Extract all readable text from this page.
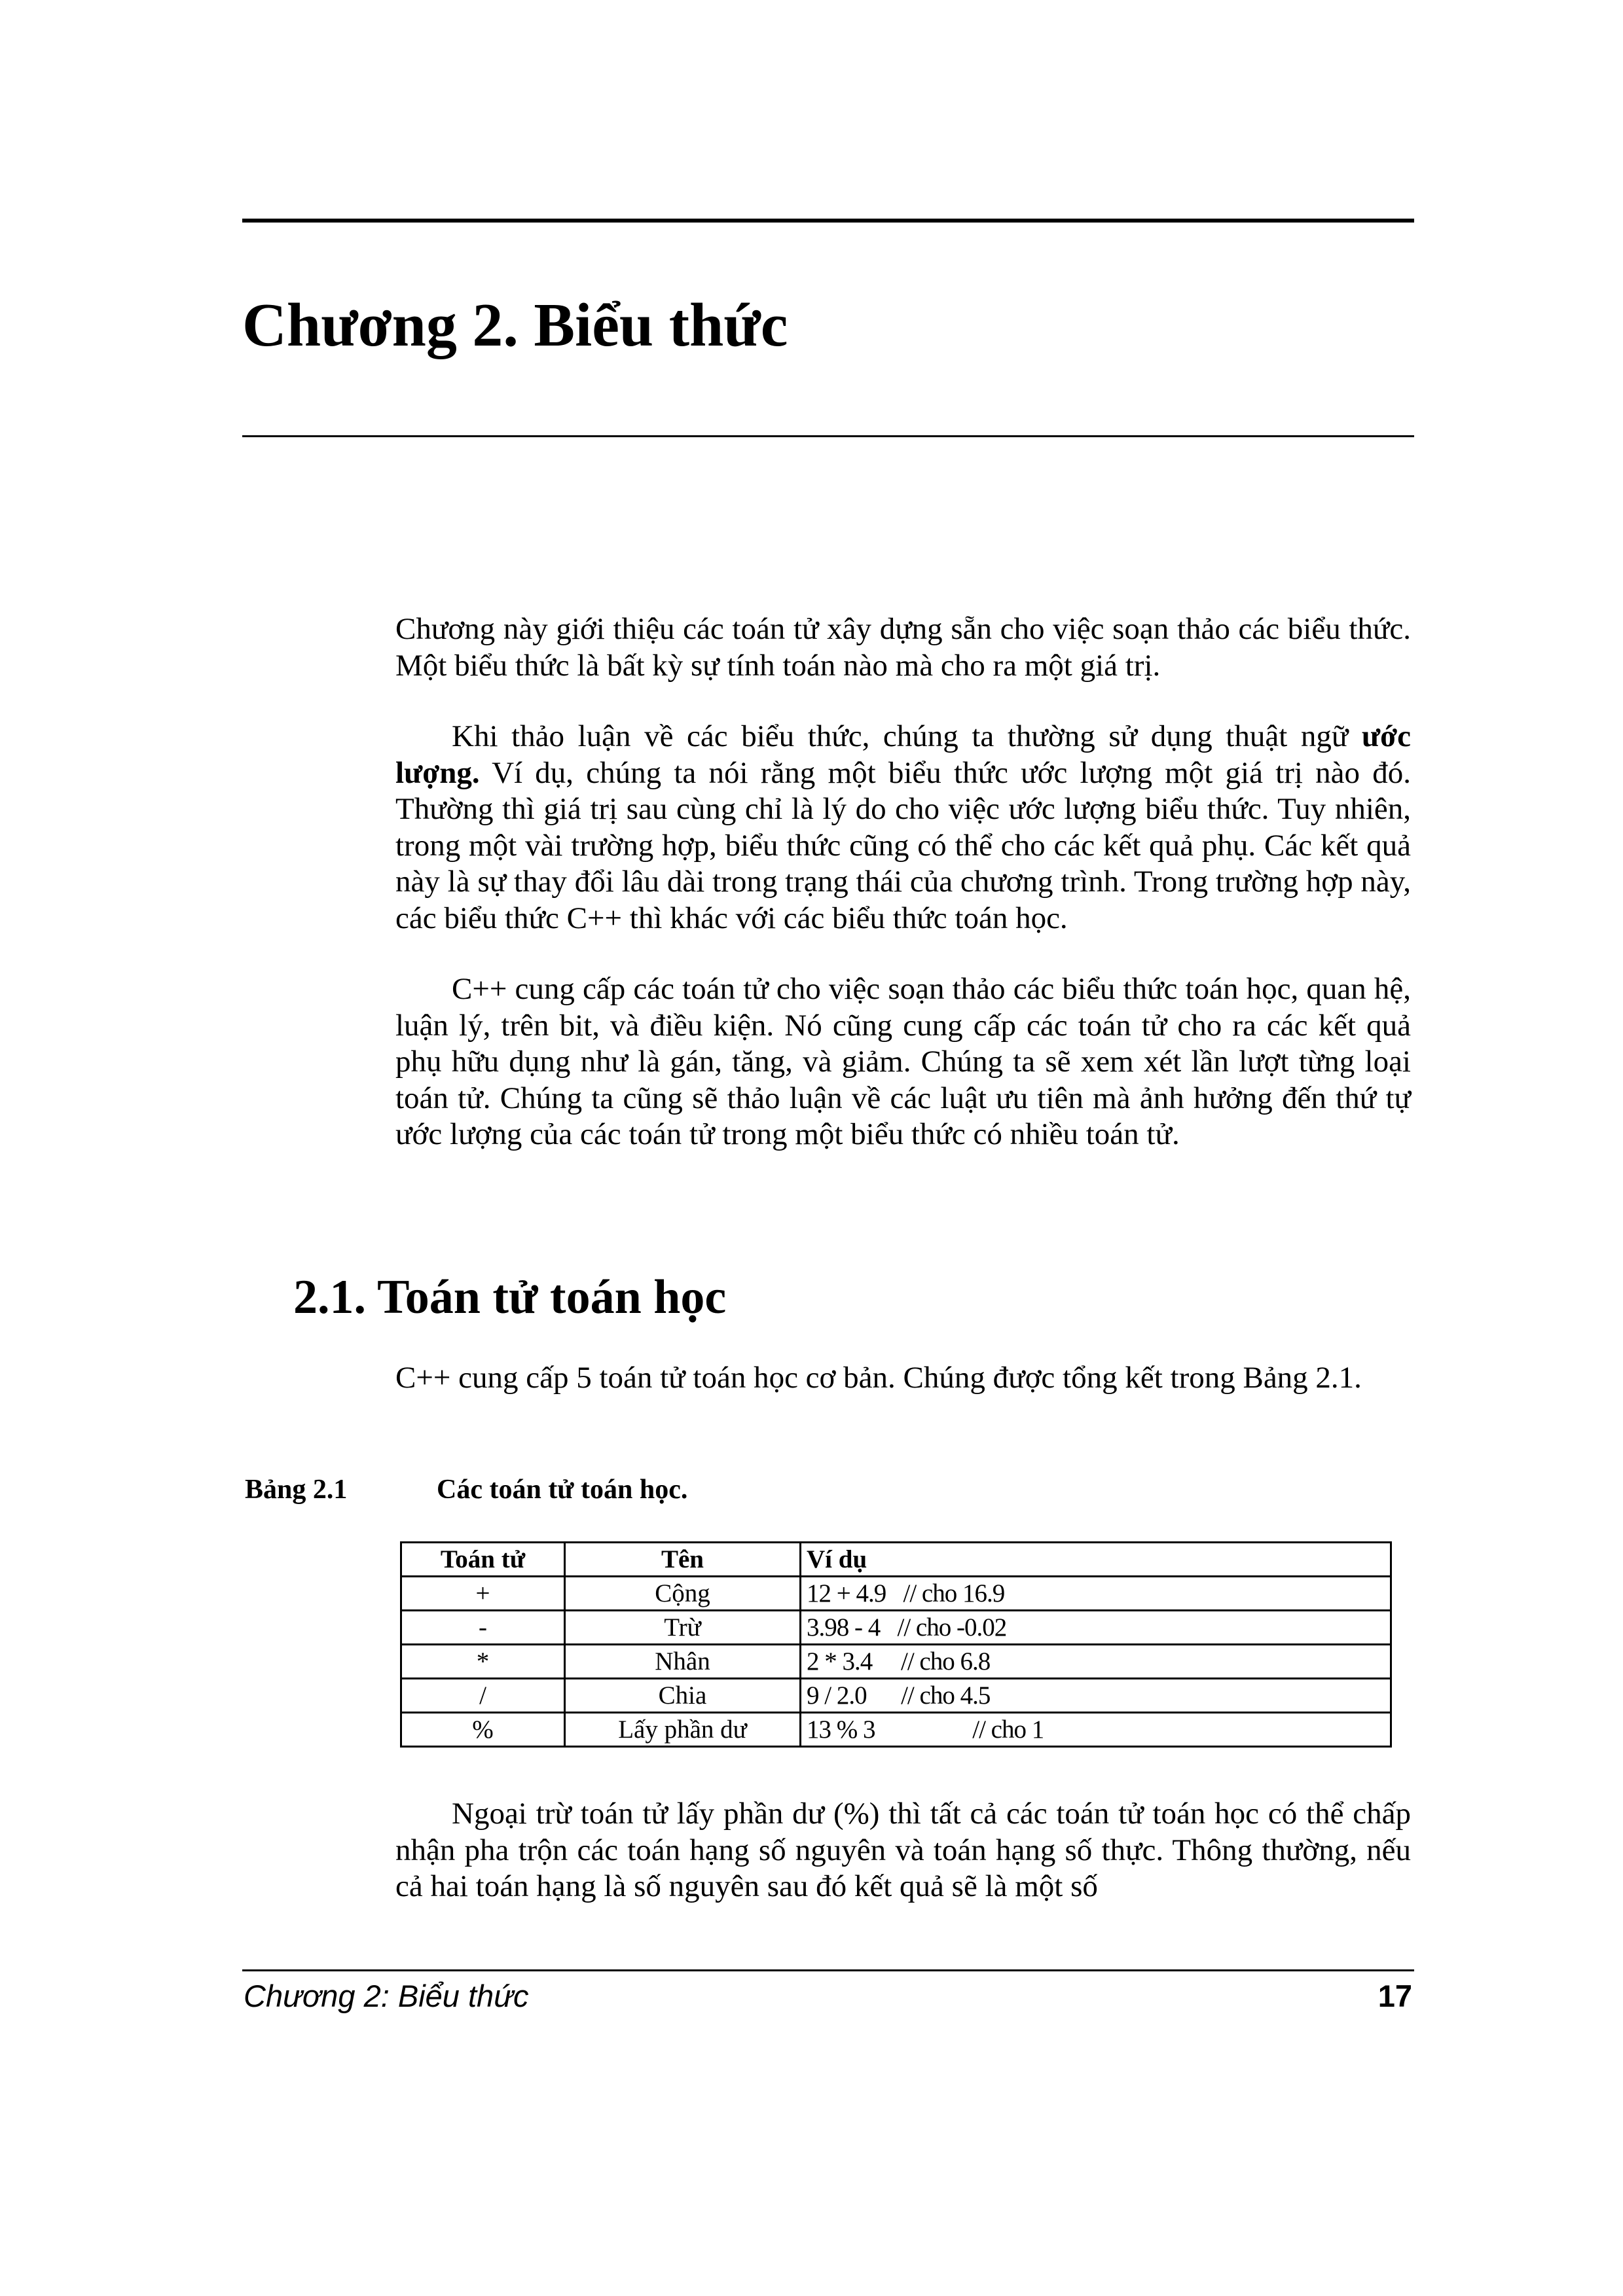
Chương 2. Biểu thức

Chương này giới thiệu các toán tử xây dựng sẵn cho việc soạn thảo các biểu thức. Một biểu thức là bất kỳ sự tính toán nào mà cho ra một giá trị.

Khi thảo luận về các biểu thức, chúng ta thường sử dụng thuật ngữ ước lượng. Ví dụ, chúng ta nói rằng một biểu thức ước lượng một giá trị nào đó. Thường thì giá trị sau cùng chỉ là lý do cho việc ước lượng biểu thức. Tuy nhiên, trong một vài trường hợp, biểu thức cũng có thể cho các kết quả phụ. Các kết quả này là sự thay đổi lâu dài trong trạng thái của chương trình. Trong trường hợp này, các biểu thức C++ thì khác với các biểu thức toán học.

C++ cung cấp các toán tử cho việc soạn thảo các biểu thức toán học, quan hệ, luận lý, trên bit, và điều kiện. Nó cũng cung cấp các toán tử cho ra các kết quả phụ hữu dụng như là gán, tăng, và giảm. Chúng ta sẽ xem xét lần lượt từng loại toán tử. Chúng ta cũng sẽ thảo luận về các luật ưu tiên mà ảnh hưởng đến thứ tự ước lượng của các toán tử trong một biểu thức có nhiều toán tử.

2.1. Toán tử toán học

C++ cung cấp 5 toán tử toán học cơ bản. Chúng được tổng kết trong Bảng 2.1.

Bảng 2.1	Các toán tử toán học.
Toán tử	Tên	Ví dụ
+	Cộng	12 + 4.9   // cho 16.9
-	Trừ	3.98 - 4   // cho -0.02
*	Nhân	2 * 3.4     // cho 6.8
/	Chia	9 / 2.0      // cho 4.5
%	Lấy phần dư	13 % 3                 // cho 1

Ngoại trừ toán tử lấy phần dư (%) thì tất cả các toán tử toán học có thể chấp nhận pha trộn các toán hạng số nguyên và toán hạng số thực. Thông thường, nếu cả hai toán hạng là số nguyên sau đó kết quả sẽ là một số

Chương 2: Biểu thức	17
